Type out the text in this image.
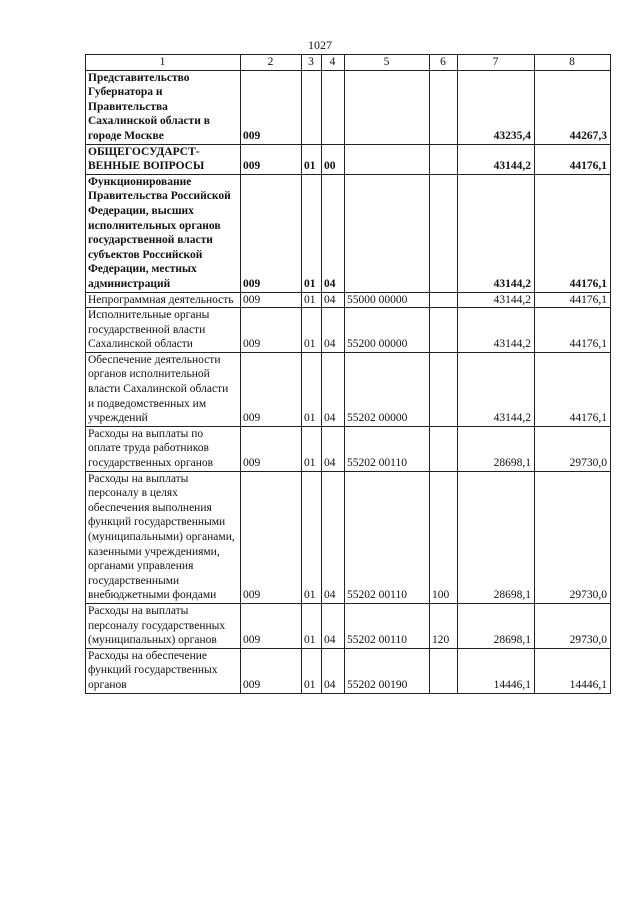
1027
1	2	3	4	5	6	7	8
Представительство Губернатора и Правительства Сахалинской области в городе Москве	009					43235,4	44267,3
ОБЩЕГОСУДАРСТ-ВЕННЫЕ ВОПРОСЫ	009	01	00			43144,2	44176,1
Функционирование Правительства Российской Федерации, высших исполнительных органов государственной власти субъектов Российской Федерации, местных администраций	009	01	04			43144,2	44176,1
Непрограммная деятельность	009	01	04	55000 00000		43144,2	44176,1
Исполнительные органы государственной власти Сахалинской области	009	01	04	55200 00000		43144,2	44176,1
Обеспечение деятельности органов исполнительной власти Сахалинской области и подведомственных им учреждений	009	01	04	55202 00000		43144,2	44176,1
Расходы на выплаты по оплате труда работников государственных органов	009	01	04	55202 00110		28698,1	29730,0
Расходы на выплаты персоналу в целях обеспечения выполнения функций государственными (муниципальными) органами, казенными учреждениями, органами управления государственными внебюджетными фондами	009	01	04	55202 00110	100	28698,1	29730,0
Расходы на выплаты персоналу государственных (муниципальных) органов	009	01	04	55202 00110	120	28698,1	29730,0
Расходы на обеспечение функций государственных органов	009	01	04	55202 00190		14446,1	14446,1
